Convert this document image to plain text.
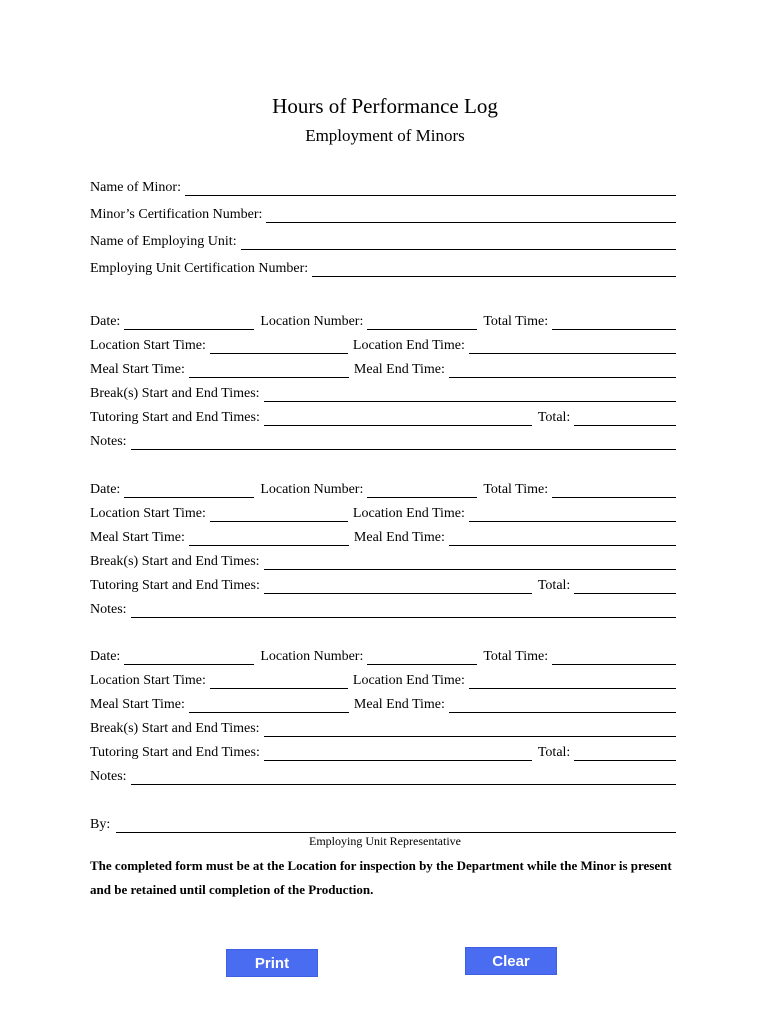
Hours of Performance Log
Employment of Minors
Name of Minor:
Minor’s Certification Number:
Name of Employing Unit:
Employing Unit Certification Number:
Date:	Location Number:	Total Time:
Location Start Time:	Location End Time:
Meal Start Time:	Meal End Time:
Break(s) Start and End Times:
Tutoring Start and End Times:	Total:
Notes:
Date:	Location Number:	Total Time:
Location Start Time:	Location End Time:
Meal Start Time:	Meal End Time:
Break(s) Start and End Times:
Tutoring Start and End Times:	Total:
Notes:
Date:	Location Number:	Total Time:
Location Start Time:	Location End Time:
Meal Start Time:	Meal End Time:
Break(s) Start and End Times:
Tutoring Start and End Times:	Total:
Notes:
By:
Employing Unit Representative
The completed form must be at the Location for inspection by the Department while the Minor is present and be retained until completion of the Production.
Print	Clear
